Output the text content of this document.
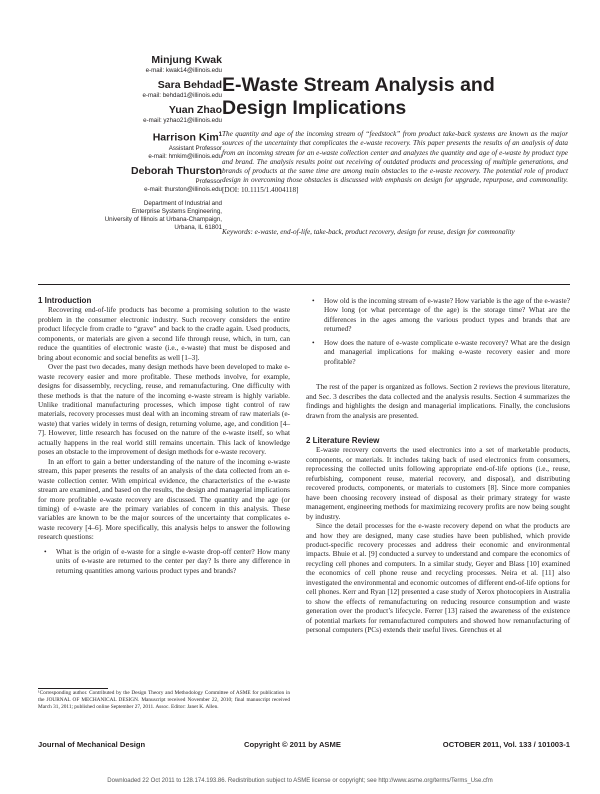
Minjung Kwak
e-mail: kwak14@illinois.edu
Sara Behdad
e-mail: behdad1@illinois.edu
Yuan Zhao
e-mail: yzhao21@illinois.edu
Harrison Kim$^1$
Assistant Professor
e-mail: hmkim@illinois.edu
Deborah Thurston
Professor
e-mail: thurston@illinois.edu
Department of Industrial and
Enterprise Systems Engineering,
University of Illinois at Urbana-Champaign,
Urbana, IL 61801
E-Waste Stream Analysis and Design Implications
The quantity and age of the incoming stream of “feedstock” from product take-back systems are known as the major sources of the uncertainty that complicates the e-waste recovery. This paper presents the results of an analysis of data from an incoming stream for an e-waste collection center and analyzes the quantity and age of e-waste by product type and brand. The analysis results point out receiving of outdated products and processing of multiple generations, and brands of products at the same time are among main obstacles to the e-waste recovery. The potential role of product design in overcoming those obstacles is discussed with emphasis on design for upgrade, repurpose, and commonality. [DOI: 10.1115/1.4004118]
Keywords: e-waste, end-of-life, take-back, product recovery, design for reuse, design for commonality

1 Introduction

Recovering end-of-life products has become a promising solution to the waste problem in the consumer electronic industry. Such recovery considers the entire product lifecycle from cradle to “grave” and back to the cradle again. Used products, components, or materials are given a second life through reuse, which, in turn, can reduce the quantities of electronic waste (i.e., e-waste) that must be disposed and bring about economic and social benefits as well [1–3].

Over the past two decades, many design methods have been developed to make e-waste recovery easier and more profitable. These methods involve, for example, designs for disassembly, recycling, reuse, and remanufacturing. One difficulty with these methods is that the nature of the incoming e-waste stream is highly variable. Unlike traditional manufacturing processes, which impose tight control of raw materials, recovery processes must deal with an incoming stream of raw materials (e-waste) that varies widely in terms of design, returning volume, age, and condition [4–7]. However, little research has focused on the nature of the e-waste itself, so what actually happens in the real world still remains uncertain. This lack of knowledge poses an obstacle to the improvement of design methods for e-waste recovery.

In an effort to gain a better understanding of the nature of the incoming e-waste stream, this paper presents the results of an analysis of the data collected from an e-waste collection center. With empirical evidence, the characteristics of the e-waste stream are examined, and based on the results, the design and managerial implications for more profitable e-waste recovery are discussed. The quantity and the age (or timing) of e-waste are the primary variables of concern in this analysis. These variables are known to be the major sources of the uncertainty that complicates e-waste recovery [4–6]. More specifically, this analysis helps to answer the following research questions:

• What is the origin of e-waste for a single e-waste drop-off center? How many units of e-waste are returned to the center per day? Is there any difference in returning quantities among various product types and brands?

¹Corresponding author. Contributed by the Design Theory and Methodology Committee of ASME for publication in the JOURNAL OF MECHANICAL DESIGN. Manuscript received November 22, 2010; final manuscript received March 31, 2011; published online September 27, 2011. Assoc. Editor: Janet K. Allen.

• How old is the incoming stream of e-waste? How variable is the age of the e-waste? How long (or what percentage of the age) is the storage time? What are the differences in the ages among the various product types and brands that are returned?

• How does the nature of e-waste complicate e-waste recovery? What are the design and managerial implications for making e-waste recovery easier and more profitable?

The rest of the paper is organized as follows. Section 2 reviews the previous literature, and Sec. 3 describes the data collected and the analysis results. Section 4 summarizes the findings and highlights the design and managerial implications. Finally, the conclusions drawn from the analysis are presented.

2 Literature Review

E-waste recovery converts the used electronics into a set of marketable products, components, or materials. It includes taking back of used electronics from consumers, reprocessing the collected units following appropriate end-of-life options (i.e., reuse, refurbishing, component reuse, material recovery, and disposal), and distributing recovered products, components, or materials to customers [8]. Since more companies have been choosing recovery instead of disposal as their primary strategy for waste management, engineering methods for maximizing recovery profits are now being sought by industry.

Since the detail processes for the e-waste recovery depend on what the products are and how they are designed, many case studies have been published, which provide product-specific recovery processes and address their economic and environmental impacts. Bhuie et al. [9] conducted a survey to understand and compare the economics of recycling cell phones and computers. In a similar study, Geyer and Blass [10] examined the economics of cell phone reuse and recycling processes. Neira et al. [11] also investigated the environmental and economic outcomes of different end-of-life options for cell phones. Kerr and Ryan [12] presented a case study of Xerox photocopiers in Australia to show the effects of remanufacturing on reducing resource consumption and waste generation over the product’s lifecycle. Ferrer [13] raised the awareness of the existence of potential markets for remanufactured computers and showed how remanufacturing of personal computers (PCs) extends their useful lives. Grenchus et al

Journal of Mechanical Design	Copyright © 2011 by ASME	OCTOBER 2011, Vol. 133 / 101003-1
Downloaded 22 Oct 2011 to 128.174.193.86. Redistribution subject to ASME license or copyright; see http://www.asme.org/terms/Terms_Use.cfm
